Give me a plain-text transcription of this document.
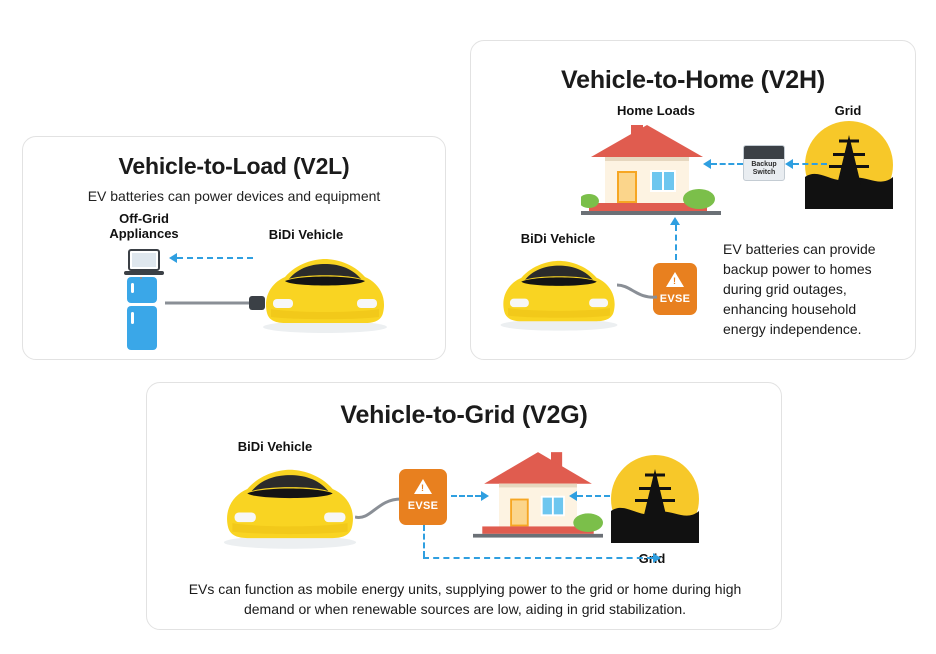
Vehicle-to-Load (V2L)
EV batteries can power devices and equipment
Off-Grid
Appliances	BiDi Vehicle
Vehicle-to-Home (V2H)
Home Loads	Grid
BiDi Vehicle
Backup
Switch
!
EVSE
EV batteries can provide backup power to homes during grid outages, enhancing household energy independence.
Vehicle-to-Grid (V2G)
BiDi Vehicle
Grid
!
EVSE
EVs can function as mobile energy units, supplying power to the grid or home during high demand or when renewable sources are low, aiding in grid stabilization.
